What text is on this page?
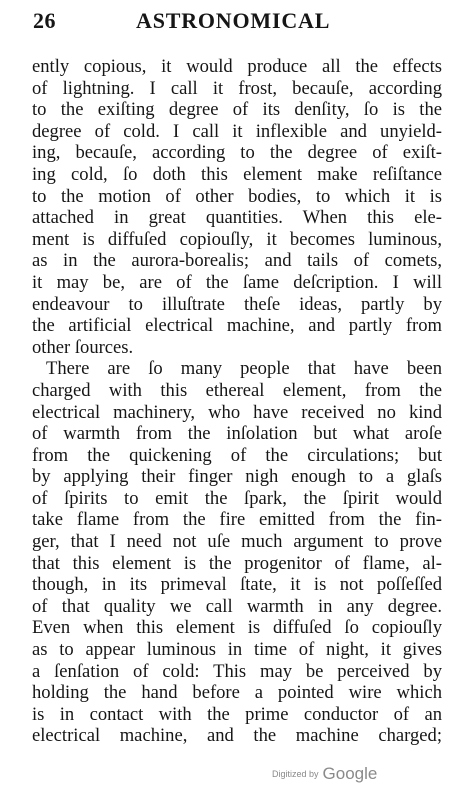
26	ASTRONOMICAL
ently copious, it would produce all the effects
of lightning. I call it frost, becauſe, according
to the exiſting degree of its denſity, ſo is the
degree of cold. I call it inflexible and unyield-
ing, becauſe, according to the degree of exiſt-
ing cold, ſo doth this element make reſiſtance
to the motion of other bodies, to which it is
attached in great quantities. When this ele-
ment is diffuſed copiouſly, it becomes luminous,
as in the aurora-borealis; and tails of comets,
it may be, are of the ſame deſcription. I will
endeavour to illuſtrate theſe ideas, partly by
the artificial electrical machine, and partly from
other ſources.
There are ſo many people that have been
charged with this ethereal element, from the
electrical machinery, who have received no kind
of warmth from the inſolation but what aroſe
from the quickening of the circulations; but
by applying their finger nigh enough to a glaſs
of ſpirits to emit the ſpark, the ſpirit would
take flame from the fire emitted from the fin-
ger, that I need not uſe much argument to prove
that this element is the progenitor of flame, al-
though, in its primeval ſtate, it is not poſſeſſed
of that quality we call warmth in any degree.
Even when this element is diffuſed ſo copiouſly
as to appear luminous in time of night, it gives
a ſenſation of cold: This may be perceived by
holding the hand before a pointed wire which
is in contact with the prime conductor of an
electrical machine, and the machine charged;
Digitized by Google
